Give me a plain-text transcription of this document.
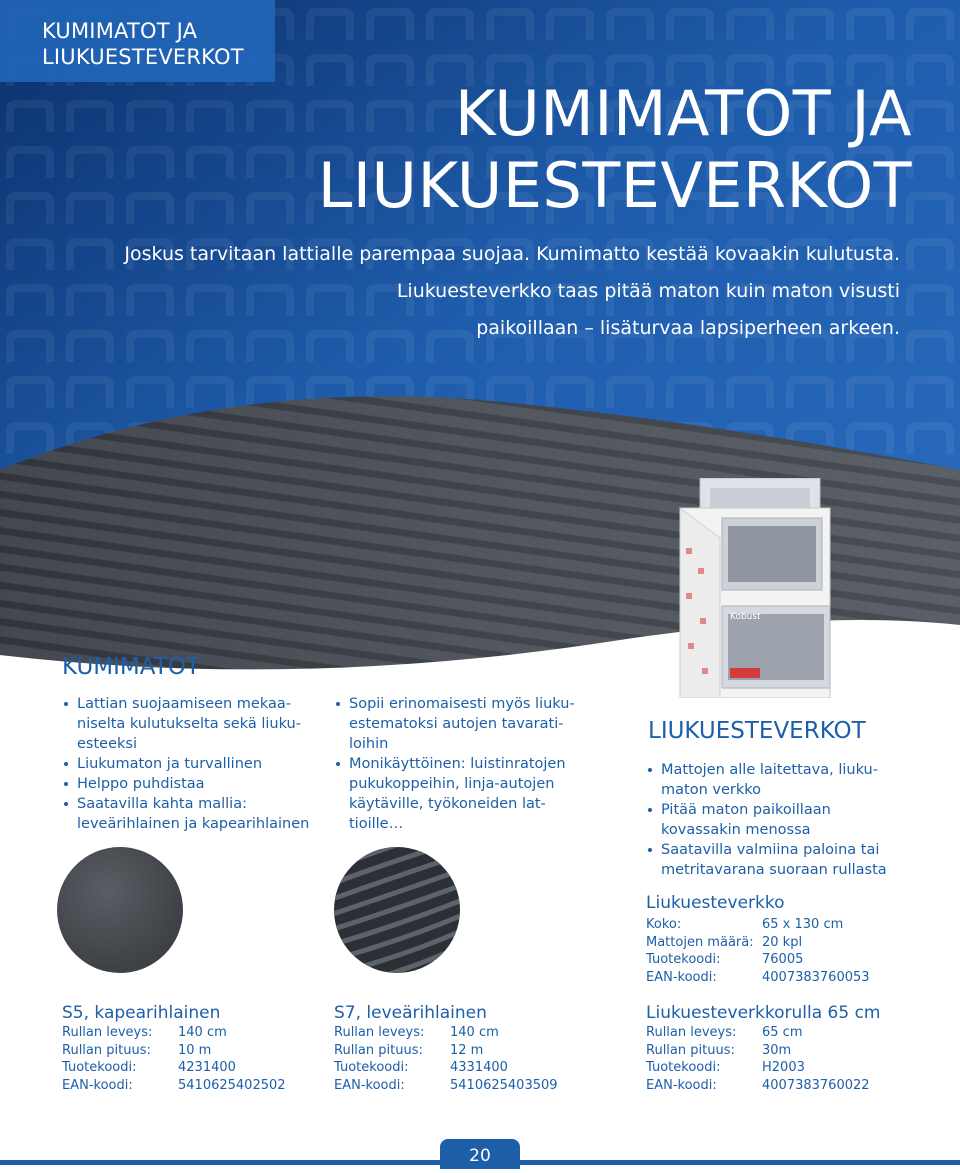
KUMIMATOT JA
LIUKUESTEVERKOT
KUMIMATOT JA
LIUKUESTEVERKOT
Joskus tarvitaan lattialle parempaa suojaa. Kumimatto kestää kovaakin kulutusta.
Liukuesteverkko taas pitää maton kuin maton visusti
paikoillaan – lisäturvaa lapsiperheen arkeen.
Kobust
KUMIMATOT
Lattian suojaamiseen mekaa-
niselta kulutukselta sekä liuku-
esteeksi
Liukumaton ja turvallinen
Helppo puhdistaa
Saatavilla kahta mallia:
leveärihlainen ja kapearihlainen
Sopii erinomaisesti myös liuku-
estematoksi autojen tavarati-
loihin
Monikäyttöinen: luistinratojen
pukukoppeihin, linja-autojen
käytäville, työkoneiden lat-
tioille…
LIUKUESTEVERKOT
Mattojen alle laitettava, liuku-
maton verkko
Pitää maton paikoillaan
kovassakin menossa
Saatavilla valmiina paloina tai
metritavarana suoraan rullasta
Liukuesteverkko
Koko:	65 x 130 cm
Mattojen määrä:	20 kpl
Tuotekoodi:	76005
EAN-koodi:	4007383760053
S5, kapearihlainen
Rullan leveys:	140 cm
Rullan pituus:	10 m
Tuotekoodi:	4231400
EAN-koodi:	5410625402502
S7, leveärihlainen
Rullan leveys:	140 cm
Rullan pituus:	12 m
Tuotekoodi:	4331400
EAN-koodi:	5410625403509
Liukuesteverkkorulla 65 cm
Rullan leveys:	65 cm
Rullan pituus:	30m
Tuotekoodi:	H2003
EAN-koodi:	4007383760022
20
